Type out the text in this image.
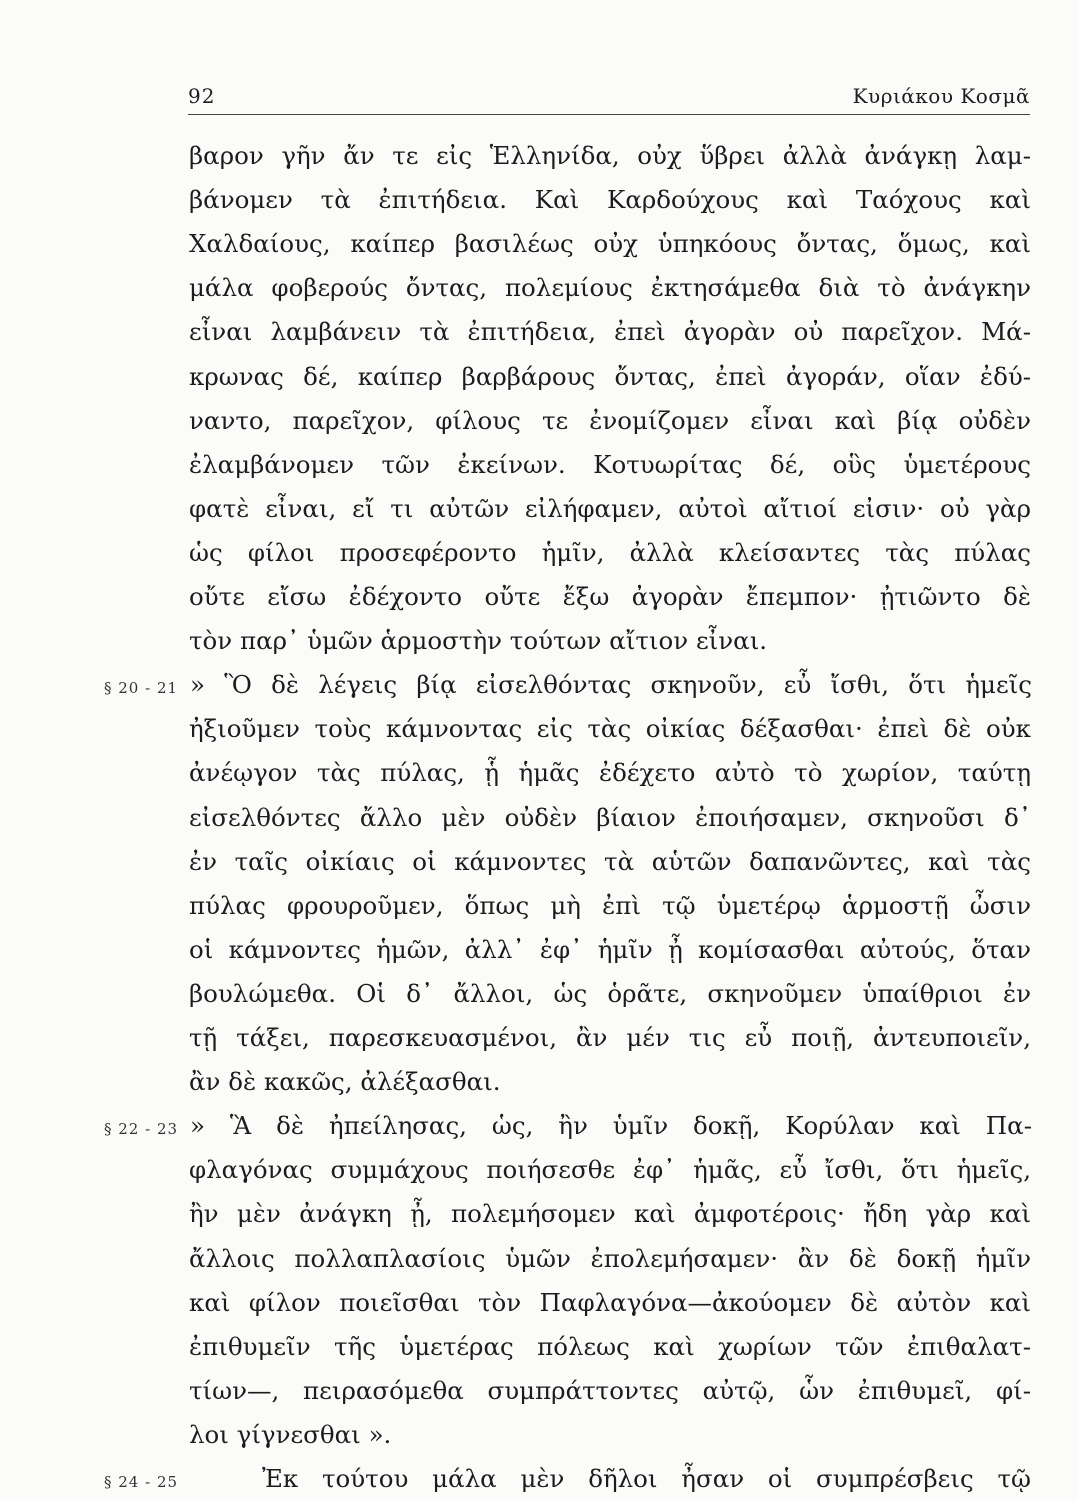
92	Κυριάκου Κοσμᾶ
βαρον γῆν ἄν τε εἰς Ἑλληνίδα, οὐχ ὕβρει ἀλλὰ ἀνάγκῃ λαμ-
βάνομεν τὰ ἐπιτήδεια. Καὶ Καρδούχους καὶ Ταόχους καὶ
Χαλδαίους, καίπερ βασιλέως οὐχ ὑπηκόους ὄντας, ὅμως, καὶ
μάλα φοβερούς ὄντας, πολεμίους ἐκτησάμεθα διὰ τὸ ἀνάγκην
εἶναι λαμβάνειν τὰ ἐπιτήδεια, ἐπεὶ ἀγορὰν οὐ παρεῖχον. Μά-
κρωνας δέ, καίπερ βαρβάρους ὄντας, ἐπεὶ ἀγοράν, οἵαν ἐδύ-
ναντο, παρεῖχον, φίλους τε ἐνομίζομεν εἶναι καὶ βίᾳ οὐδὲν
ἐλαμβάνομεν τῶν ἐκείνων. Κοτυωρίτας δέ, οὓς ὑμετέρους
φατὲ εἶναι, εἴ τι αὐτῶν εἰλήφαμεν, αὐτοὶ αἴτιοί εἰσιν· οὐ γὰρ
ὡς φίλοι προσεφέροντο ἡμῖν, ἀλλὰ κλείσαντες τὰς πύλας
οὔτε εἴσω ἐδέχοντο οὔτε ἔξω ἀγορὰν ἔπεμπον· ᾐτιῶντο δὲ
τὸν παρ᾽ ὑμῶν ἁρμοστὴν τούτων αἴτιον εἶναι.
» Ὃ δὲ λέγεις βίᾳ εἰσελθόντας σκηνοῦν, εὖ ἴσθι, ὅτι ἡμεῖς
ἠξιοῦμεν τοὺς κάμνοντας εἰς τὰς οἰκίας δέξασθαι· ἐπεὶ δὲ οὐκ
ἀνέῳγον τὰς πύλας, ᾗ ἡμᾶς ἐδέχετο αὐτὸ τὸ χωρίον, ταύτῃ
εἰσελθόντες ἄλλο μὲν οὐδὲν βίαιον ἐποιήσαμεν, σκηνοῦσι δ᾽
ἐν ταῖς οἰκίαις οἱ κάμνοντες τὰ αὑτῶν δαπανῶντες, καὶ τὰς
πύλας φρουροῦμεν, ὅπως μὴ ἐπὶ τῷ ὑμετέρῳ ἁρμοστῇ ὦσιν
οἱ κάμνοντες ἡμῶν, ἀλλ᾽ ἐφ᾽ ἡμῖν ᾖ κομίσασθαι αὐτούς, ὅταν
βουλώμεθα. Οἱ δ᾽ ἄλλοι, ὡς ὁρᾶτε, σκηνοῦμεν ὑπαίθριοι ἐν
τῇ τάξει, παρεσκευασμένοι, ἂν μέν τις εὖ ποιῇ, ἀντευποιεῖν,
ἂν δὲ κακῶς, ἀλέξασθαι.
» Ἃ δὲ ἠπείλησας, ὡς, ἢν ὑμῖν δοκῇ, Κορύλαν καὶ Πα-
φλαγόνας συμμάχους ποιήσεσθε ἐφ᾽ ἡμᾶς, εὖ ἴσθι, ὅτι ἡμεῖς,
ἢν μὲν ἀνάγκη ᾖ, πολεμήσομεν καὶ ἀμφοτέροις· ἤδη γὰρ καὶ
ἄλλοις πολλαπλασίοις ὑμῶν ἐπολεμήσαμεν· ἂν δὲ δοκῇ ἡμῖν
καὶ φίλον ποιεῖσθαι τὸν Παφλαγόνα—ἀκούομεν δὲ αὐτὸν καὶ
ἐπιθυμεῖν τῆς ὑμετέρας πόλεως καὶ χωρίων τῶν ἐπιθαλατ-
τίων—, πειρασόμεθα συμπράττοντες αὐτῷ, ὧν ἐπιθυμεῖ, φί-
λοι γίγνεσθαι ».
Ἐκ τούτου μάλα μὲν δῆλοι ἦσαν οἱ συμπρέσβεις τῷ
§ 20 - 21
§ 22 - 23
§ 24 - 25
